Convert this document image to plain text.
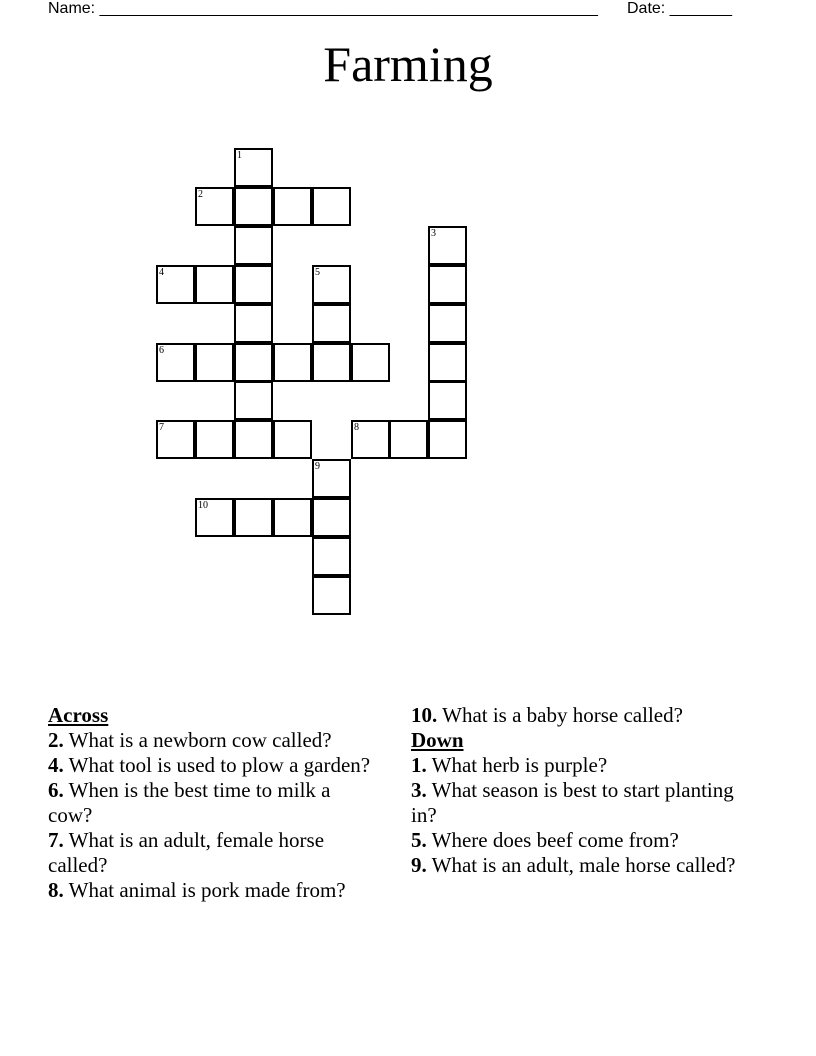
Name: ________________________________________________________ Date: _______
Farming
1
2
3
4	5
6
7	8
9
10
Across
2. What is a newborn cow called?
4. What tool is used to plow a garden?
6. When is the best time to milk a cow?
7. What is an adult, female horse called?
8. What animal is pork made from?
10. What is a baby horse called?
Down
1. What herb is purple?
3. What season is best to start planting in?
5. Where does beef come from?
9. What is an adult, male horse called?
